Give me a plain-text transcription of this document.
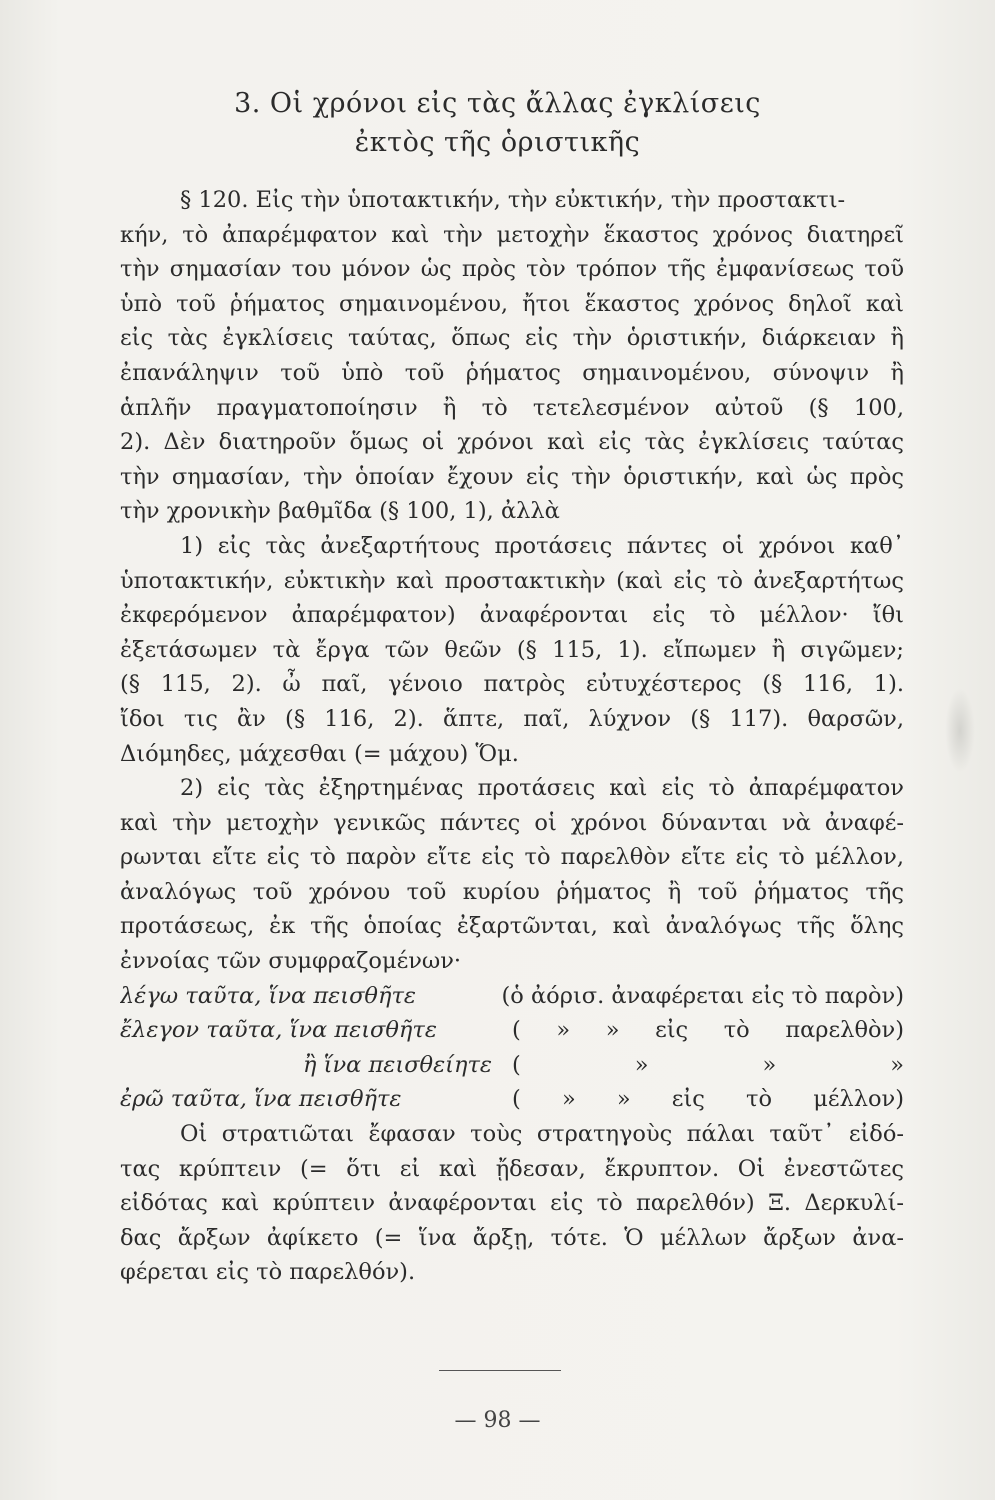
3. Οἱ χρόνοι εἰς τὰς ἄλλας ἐγκλίσεις
ἐκτὸς τῆς ὁριστικῆς
§ 120. Εἰς τὴν ὑποτακτικήν, τὴν εὐκτικήν, τὴν προστακτι-
κήν, τὸ ἀπαρέμφατον καὶ τὴν μετοχὴν ἕκαστος χρόνος διατηρεῖ
τὴν σημασίαν του μόνον ὡς πρὸς τὸν τρόπον τῆς ἐμφανίσεως τοῦ
ὑπὸ τοῦ ῥήματος σημαινομένου, ἤτοι ἕκαστος χρόνος δηλοῖ καὶ
εἰς τὰς ἐγκλίσεις ταύτας, ὅπως εἰς τὴν ὁριστικήν, διάρκειαν ἢ
ἐπανάληψιν τοῦ ὑπὸ τοῦ ῥήματος σημαινομένου, σύνοψιν ἢ
ἁπλῆν πραγματοποίησιν ἢ τὸ τετελεσμένον αὐτοῦ (§ 100,
2). Δὲν διατηροῦν ὅμως οἱ χρόνοι καὶ εἰς τὰς ἐγκλίσεις ταύτας
τὴν σημασίαν, τὴν ὁποίαν ἔχουν εἰς τὴν ὁριστικήν, καὶ ὡς πρὸς
τὴν χρονικὴν βαθμῖδα (§ 100, 1), ἀλλὰ
1) εἰς τὰς ἀνεξαρτήτους προτάσεις πάντες οἱ χρόνοι καθ᾽
ὑποτακτικήν, εὐκτικὴν καὶ προστακτικὴν (καὶ εἰς τὸ ἀνεξαρτήτως
ἐκφερόμενον ἀπαρέμφατον) ἀναφέρονται εἰς τὸ μέλλον· ἴθι
ἐξετάσωμεν τὰ ἔργα τῶν θεῶν (§ 115, 1). εἴπωμεν ἢ σιγῶμεν;
(§ 115, 2). ὦ παῖ, γένοιο πατρὸς εὐτυχέστερος (§ 116, 1).
ἴδοι τις ἂν (§ 116, 2). ἅπτε, παῖ, λύχνον (§ 117). θαρσῶν,
Διόμηδες, μάχεσθαι (= μάχου) Ὅμ.
2) εἰς τὰς ἐξηρτημένας προτάσεις καὶ εἰς τὸ ἀπαρέμφατον
καὶ τὴν μετοχὴν γενικῶς πάντες οἱ χρόνοι δύνανται νὰ ἀναφέ-
ρωνται εἴτε εἰς τὸ παρὸν εἴτε εἰς τὸ παρελθὸν εἴτε εἰς τὸ μέλλον,
ἀναλόγως τοῦ χρόνου τοῦ κυρίου ῥήματος ἢ τοῦ ῥήματος τῆς
προτάσεως, ἐκ τῆς ὁποίας ἐξαρτῶνται, καὶ ἀναλόγως τῆς ὅλης
ἐννοίας τῶν συμφραζομένων·
λέγω ταῦτα, ἵνα πεισθῆτε	(ὁ ἀόρισ. ἀναφέρεται εἰς τὸ παρὸν)
ἔλεγον ταῦτα, ἵνα πεισθῆτε	( » » εἰς τὸ παρελθὸν)
ἢ ἵνα πεισθείητε ( » » »
ἐρῶ ταῦτα, ἵνα πεισθῆτε	( » » εἰς τὸ μέλλον)
Οἱ στρατιῶται ἔφασαν τοὺς στρατηγοὺς πάλαι ταῦτ᾽ εἰδό-
τας κρύπτειν (= ὅτι εἰ καὶ ᾔδεσαν, ἔκρυπτον. Οἱ ἐνεστῶτες
εἰδότας καὶ κρύπτειν ἀναφέρονται εἰς τὸ παρελθόν) Ξ. Δερκυλί-
δας ἄρξων ἀφίκετο (= ἵνα ἄρξῃ, τότε. Ὁ μέλλων ἄρξων ἀνα-
φέρεται εἰς τὸ παρελθόν).
— 98 —
